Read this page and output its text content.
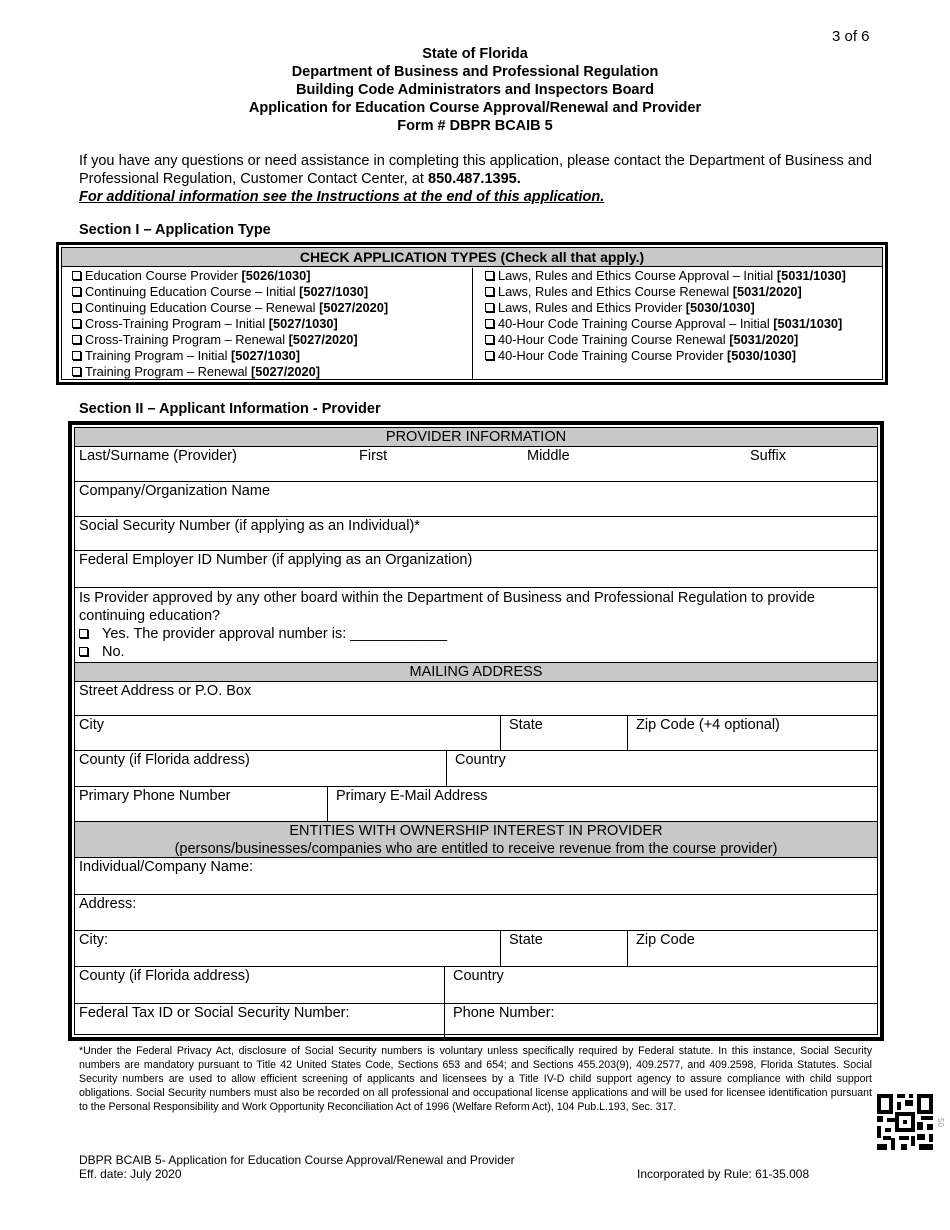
3 of 6
State of Florida
Department of Business and Professional Regulation
Building Code Administrators and Inspectors Board
Application for Education Course Approval/Renewal and Provider
Form # DBPR BCAIB 5
If you have any questions or need assistance in completing this application, please contact the Department of Business and Professional Regulation, Customer Contact Center, at 850.487.1395.
For additional information see the Instructions at the end of this application.
Section I – Application Type
CHECK APPLICATION TYPES (Check all that apply.)
Education Course Provider [5026/1030]
Continuing Education Course – Initial [5027/1030]
Continuing Education Course – Renewal [5027/2020]
Cross-Training Program – Initial [5027/1030]
Cross-Training Program – Renewal [5027/2020]
Training Program – Initial [5027/1030]
Training Program – Renewal [5027/2020]
Laws, Rules and Ethics Course Approval – Initial [5031/1030]
Laws, Rules and Ethics Course Renewal [5031/2020]
Laws, Rules and Ethics Provider [5030/1030]
40-Hour Code Training Course Approval – Initial [5031/1030]
40-Hour Code Training Course Renewal [5031/2020]
40-Hour Code Training Course Provider [5030/1030]
Section II – Applicant Information - Provider
PROVIDER INFORMATION
Last/Surname (Provider)	First	Middle	Suffix
Company/Organization Name
Social Security Number (if applying as an Individual)*
Federal Employer ID Number (if applying as an Organization)
Is Provider approved by any other board within the Department of Business and Professional Regulation to provide continuing education?
Yes. The provider approval number is: ____________
No.
MAILING ADDRESS
Street Address or P.O. Box
City	State	Zip Code (+4 optional)
County (if Florida address)	Country
Primary Phone Number	Primary E-Mail Address
ENTITIES WITH OWNERSHIP INTEREST IN PROVIDER
(persons/businesses/companies who are entitled to receive revenue from the course provider)
Individual/Company Name:
Address:
City:	State	Zip Code
County (if Florida address)	Country
Federal Tax ID or Social Security Number:	Phone Number:
*Under the Federal Privacy Act, disclosure of Social Security numbers is voluntary unless specifically required by Federal statute. In this instance, Social Security numbers are mandatory pursuant to Title 42 United States Code, Sections 653 and 654; and Sections 455.203(9), 409.2577, and 409.2598, Florida Statutes. Social Security numbers are used to allow efficient screening of applicants and licensees by a Title IV-D child support agency to assure compliance with child support obligations. Social Security numbers must also be recorded on all professional and occupational license applications and will be used for licensee identification pursuant to the Personal Responsibility and Work Opportunity Reconciliation Act of 1996 (Welfare Reform Act), 104 Pub.L.193, Sec. 317.
DBPR BCAIB 5- Application for Education Course Approval/Renewal and Provider
Eff. date: July 2020	Incorporated by Rule: 61-35.008
50
